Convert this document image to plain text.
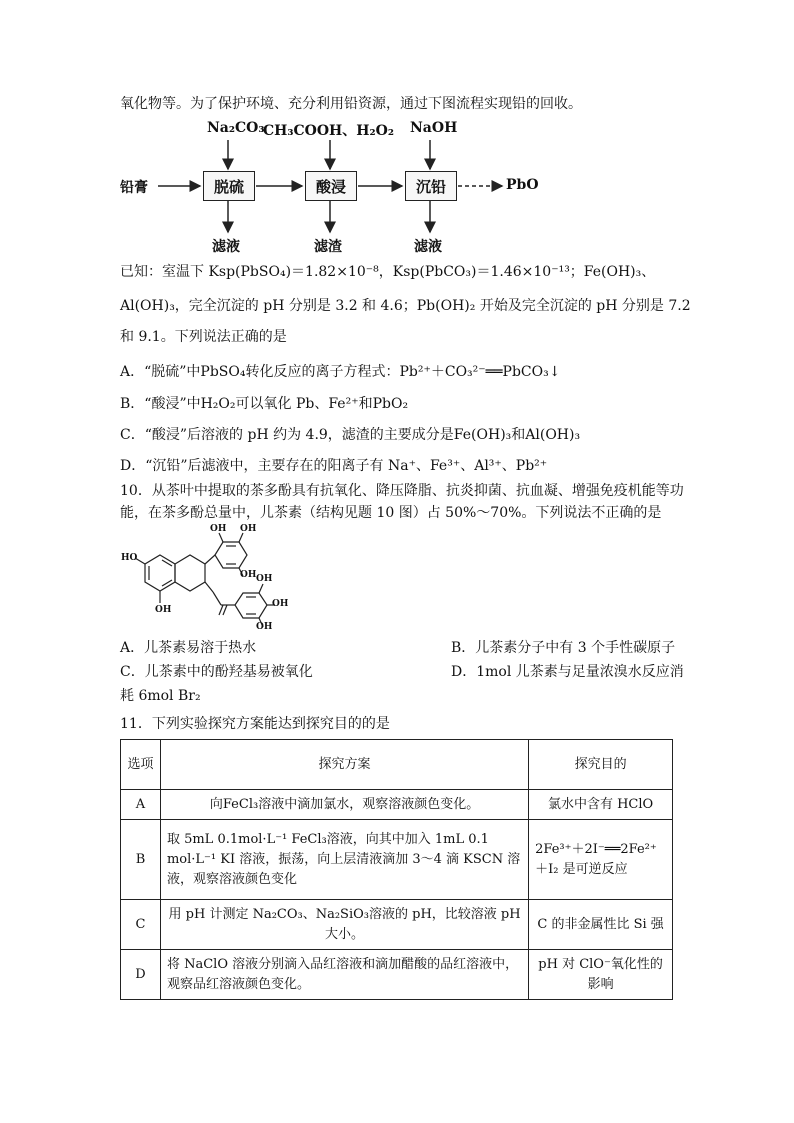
氧化物等。为了保护环境、充分利用铅资源，通过下图流程实现铅的回收。
Na₂CO₃
CH₃COOH、H₂O₂ NaOH
铅膏	脱硫	酸浸	沉铅	PbO
滤液	滤渣	滤液
已知：室温下 Ksp(PbSO₄)＝1.82×10⁻⁸，Ksp(PbCO₃)＝1.46×10⁻¹³；Fe(OH)₃、
Al(OH)₃，完全沉淀的 pH 分别是 3.2 和 4.6；Pb(OH)₂ 开始及完全沉淀的 pH 分别是 7.2
和 9.1。下列说法正确的是
A．“脱硫”中PbSO₄转化反应的离子方程式：Pb²⁺＋CO₃²⁻══PbCO₃↓
B．“酸浸”中H₂O₂可以氧化 Pb、Fe²⁺和PbO₂
C．“酸浸”后溶液的 pH 约为 4.9，滤渣的主要成分是Fe(OH)₃和Al(OH)₃
D．“沉铅”后滤液中，主要存在的阳离子有 Na⁺、Fe³⁺、Al³⁺、Pb²⁺
10．从茶叶中提取的茶多酚具有抗氧化、降压降脂、抗炎抑菌、抗血凝、增强免疫机能等功
能，在茶多酚总量中，儿茶素（结构见题 10 图）占 50%～70%。下列说法不正确的是
OH OH
HO
OH
OH
OH
OH
OH
A．儿茶素易溶于热水	B．儿茶素分子中有 3 个手性碳原子
C．儿茶素中的酚羟基易被氧化	D．1mol 儿茶素与足量浓溴水反应消
耗 6mol Br₂
11．下列实验探究方案能达到探究目的的是
选项	探究方案	探究目的
A	向FeCl₃溶液中滴加氯水，观察溶液颜色变化。	氯水中含有 HClO
B	取 5mL 0.1mol·L⁻¹ FeCl₃溶液，向其中加入 1mL 0.1 mol·L⁻¹ KI 溶液，振荡，向上层清液滴加 3～4 滴 KSCN 溶液，观察溶液颜色变化	2Fe³⁺＋2I⁻══2Fe²⁺＋I₂ 是可逆反应
C	用 pH 计测定 Na₂CO₃、Na₂SiO₃溶液的 pH，比较溶液 pH 大小。	C 的非金属性比 Si 强
D	将 NaClO 溶液分别滴入品红溶液和滴加醋酸的品红溶液中，观察品红溶液颜色变化。	pH 对 ClO⁻氧化性的影响
